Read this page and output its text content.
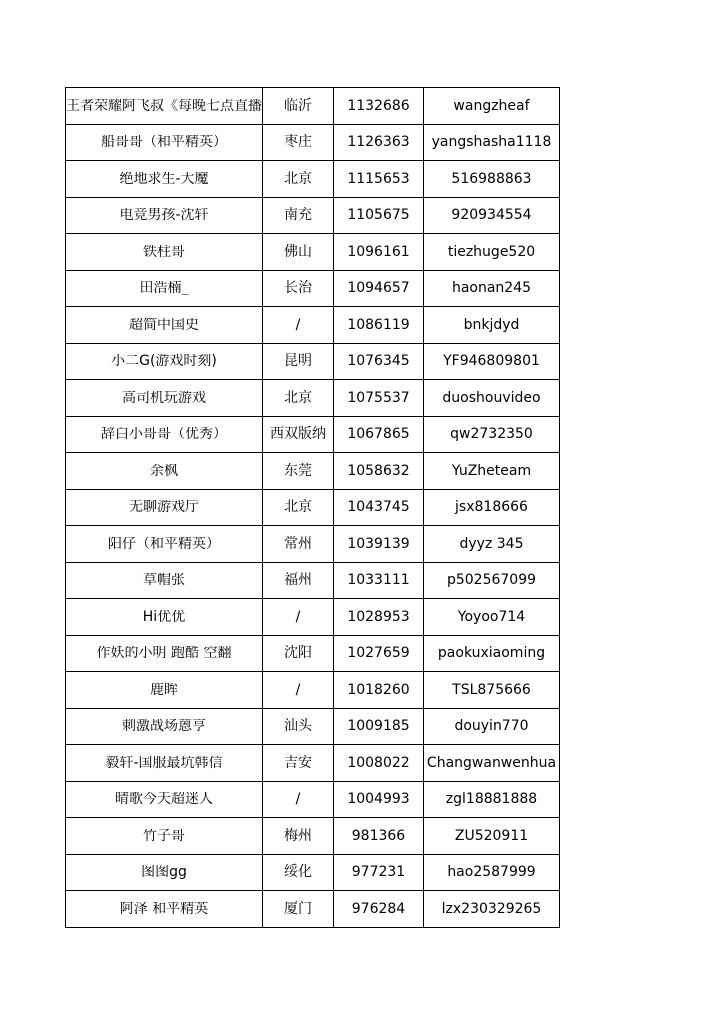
王者荣耀阿飞叔《每晚七点直播	临沂	1132686	wangzheaf

船哥哥（和平精英）	枣庄	1126363	yangshasha1118

绝地求生-大魔	北京	1115653	516988863

电竞男孩-沈轩	南充	1105675	920934554

铁柱哥	佛山	1096161	tiezhuge520

田浩楠_	长治	1094657	haonan245

超简中国史	/	1086119	bnkjdyd

小二G(游戏时刻)	昆明	1076345	YF946809801

高司机玩游戏	北京	1075537	duoshouvideo

辞白小哥哥（优秀）	西双版纳	1067865	qw2732350

余枫	东莞	1058632	YuZheteam

无聊游戏厅	北京	1043745	jsx818666

阳仔（和平精英）	常州	1039139	dyyz 345

草帽张	福州	1033111	p502567099

Hi优优	/	1028953	Yoyoo714

作妖的小明 跑酷 空翻	沈阳	1027659	paokuxiaoming

鹿眸	/	1018260	TSL875666

刺激战场蒽亨	汕头	1009185	douyin770

毅轩-国服最坑韩信	吉安	1008022	Changwanwenhua

晴歌今天超迷人	/	1004993	zgl18881888

竹子哥	梅州	981366	ZU520911

图图gg	绥化	977231	hao2587999

阿泽 和平精英	厦门	976284	lzx230329265
